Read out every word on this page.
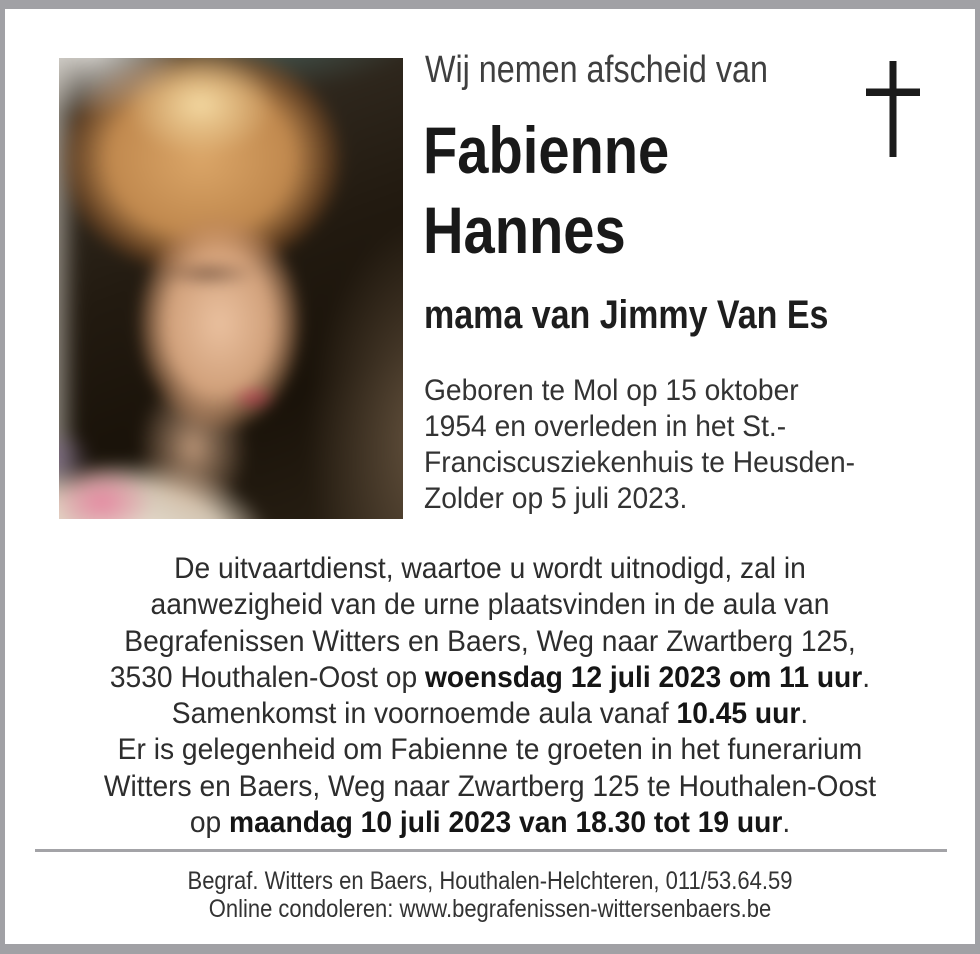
Wij nemen afscheid van
Fabienne
Hannes
mama van Jimmy Van Es
Geboren te Mol op 15 oktober
1954 en overleden in het St.-
Franciscusziekenhuis te Heusden-
Zolder op 5 juli 2023.
De uitvaartdienst, waartoe u wordt uitnodigd, zal in
aanwezigheid van de urne plaatsvinden in de aula van
Begrafenissen Witters en Baers, Weg naar Zwartberg 125,
3530 Houthalen-Oost op woensdag 12 juli 2023 om 11 uur.
Samenkomst in voornoemde aula vanaf 10.45 uur.
Er is gelegenheid om Fabienne te groeten in het funerarium
Witters en Baers, Weg naar Zwartberg 125 te Houthalen-Oost
op maandag 10 juli 2023 van 18.30 tot 19 uur.
Begraf. Witters en Baers, Houthalen-Helchteren, 011/53.64.59
Online condoleren: www.begrafenissen-wittersenbaers.be
